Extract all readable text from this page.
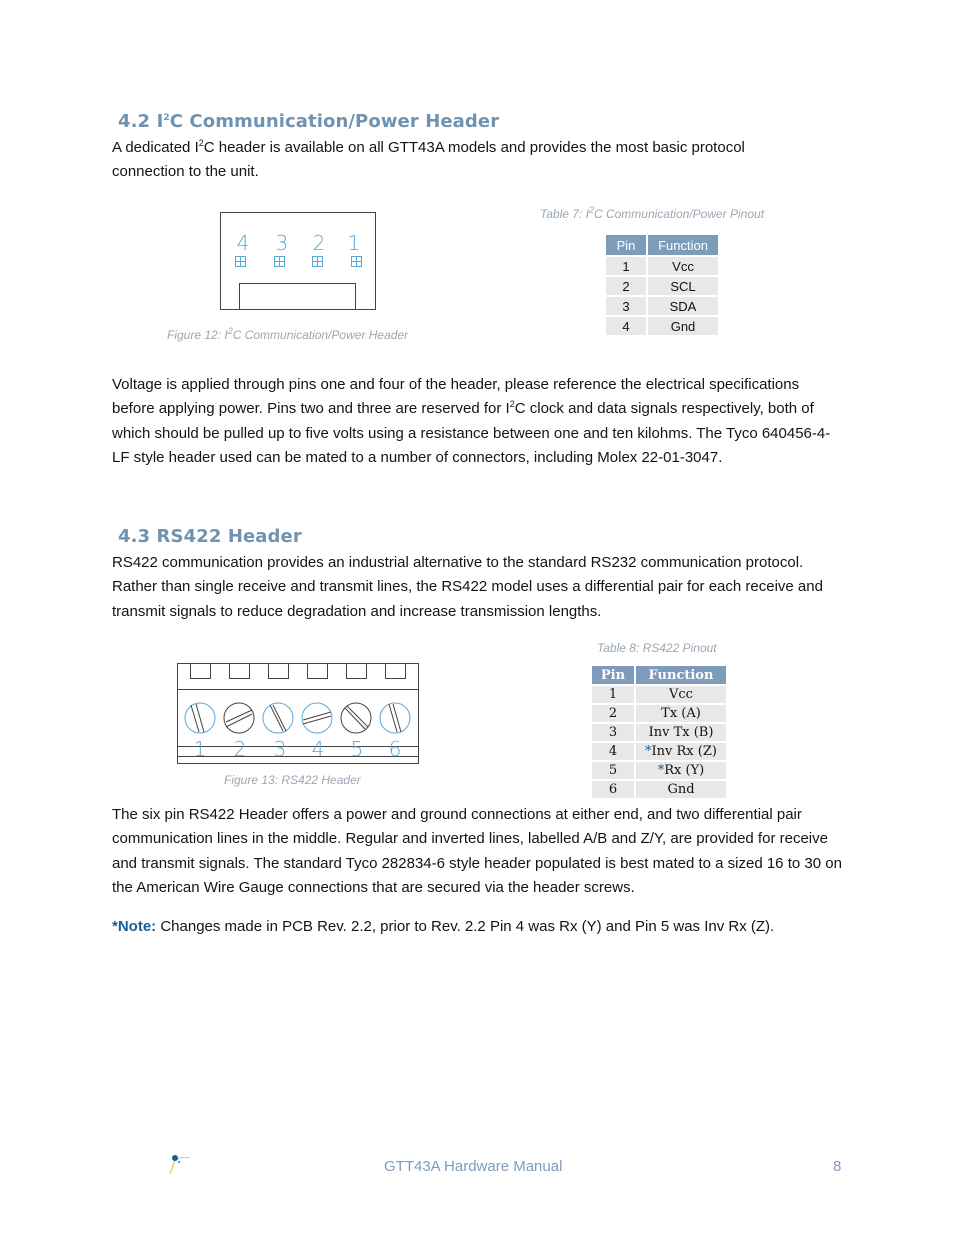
4.2 $I^2C$ Communication/Power Header

A dedicated $I^2C$ header is available on all GTT43A models and provides the most basic protocol connection to the unit.

4 3 2 1
Figure 12: $I^2C$ Communication/Power Header
Table 7: $I^2C$ Communication/Power Pinout
Pin	Function
1	Vcc
2	SCL
3	SDA
4	Gnd

Voltage is applied through pins one and four of the header, please reference the electrical specifications before applying power. Pins two and three are reserved for $I^2C$ clock and data signals respectively, both of which should be pulled up to five volts using a resistance between one and ten kilohms. The Tyco 640456-4-LF style header used can be mated to a number of connectors, including Molex 22-01-3047.

4.3 RS422 Header

RS422 communication provides an industrial alternative to the standard RS232 communication protocol. Rather than single receive and transmit lines, the RS422 model uses a differential pair for each receive and transmit signals to reduce degradation and increase transmission lengths.

1 2 3 4 5 6
Figure 13: RS422 Header
Table 8: RS422 Pinout
Pin	Function
1	Vcc
2	Tx (A)
3	Inv Tx (B)
4	*Inv Rx (Z)
5	*Rx (Y)
6	Gnd

The six pin RS422 Header offers a power and ground connections at either end, and two differential pair communication lines in the middle. Regular and inverted lines, labelled A/B and Z/Y, are provided for receive and transmit signals. The standard Tyco 282834-6 style header populated is best mated to a sized 16 to 30 on the American Wire Gauge connections that are secured via the header screws.

*Note: Changes made in PCB Rev. 2.2, prior to Rev. 2.2 Pin 4 was Rx (Y) and Pin 5 was Inv Rx (Z).

GTT43A Hardware Manual	8
